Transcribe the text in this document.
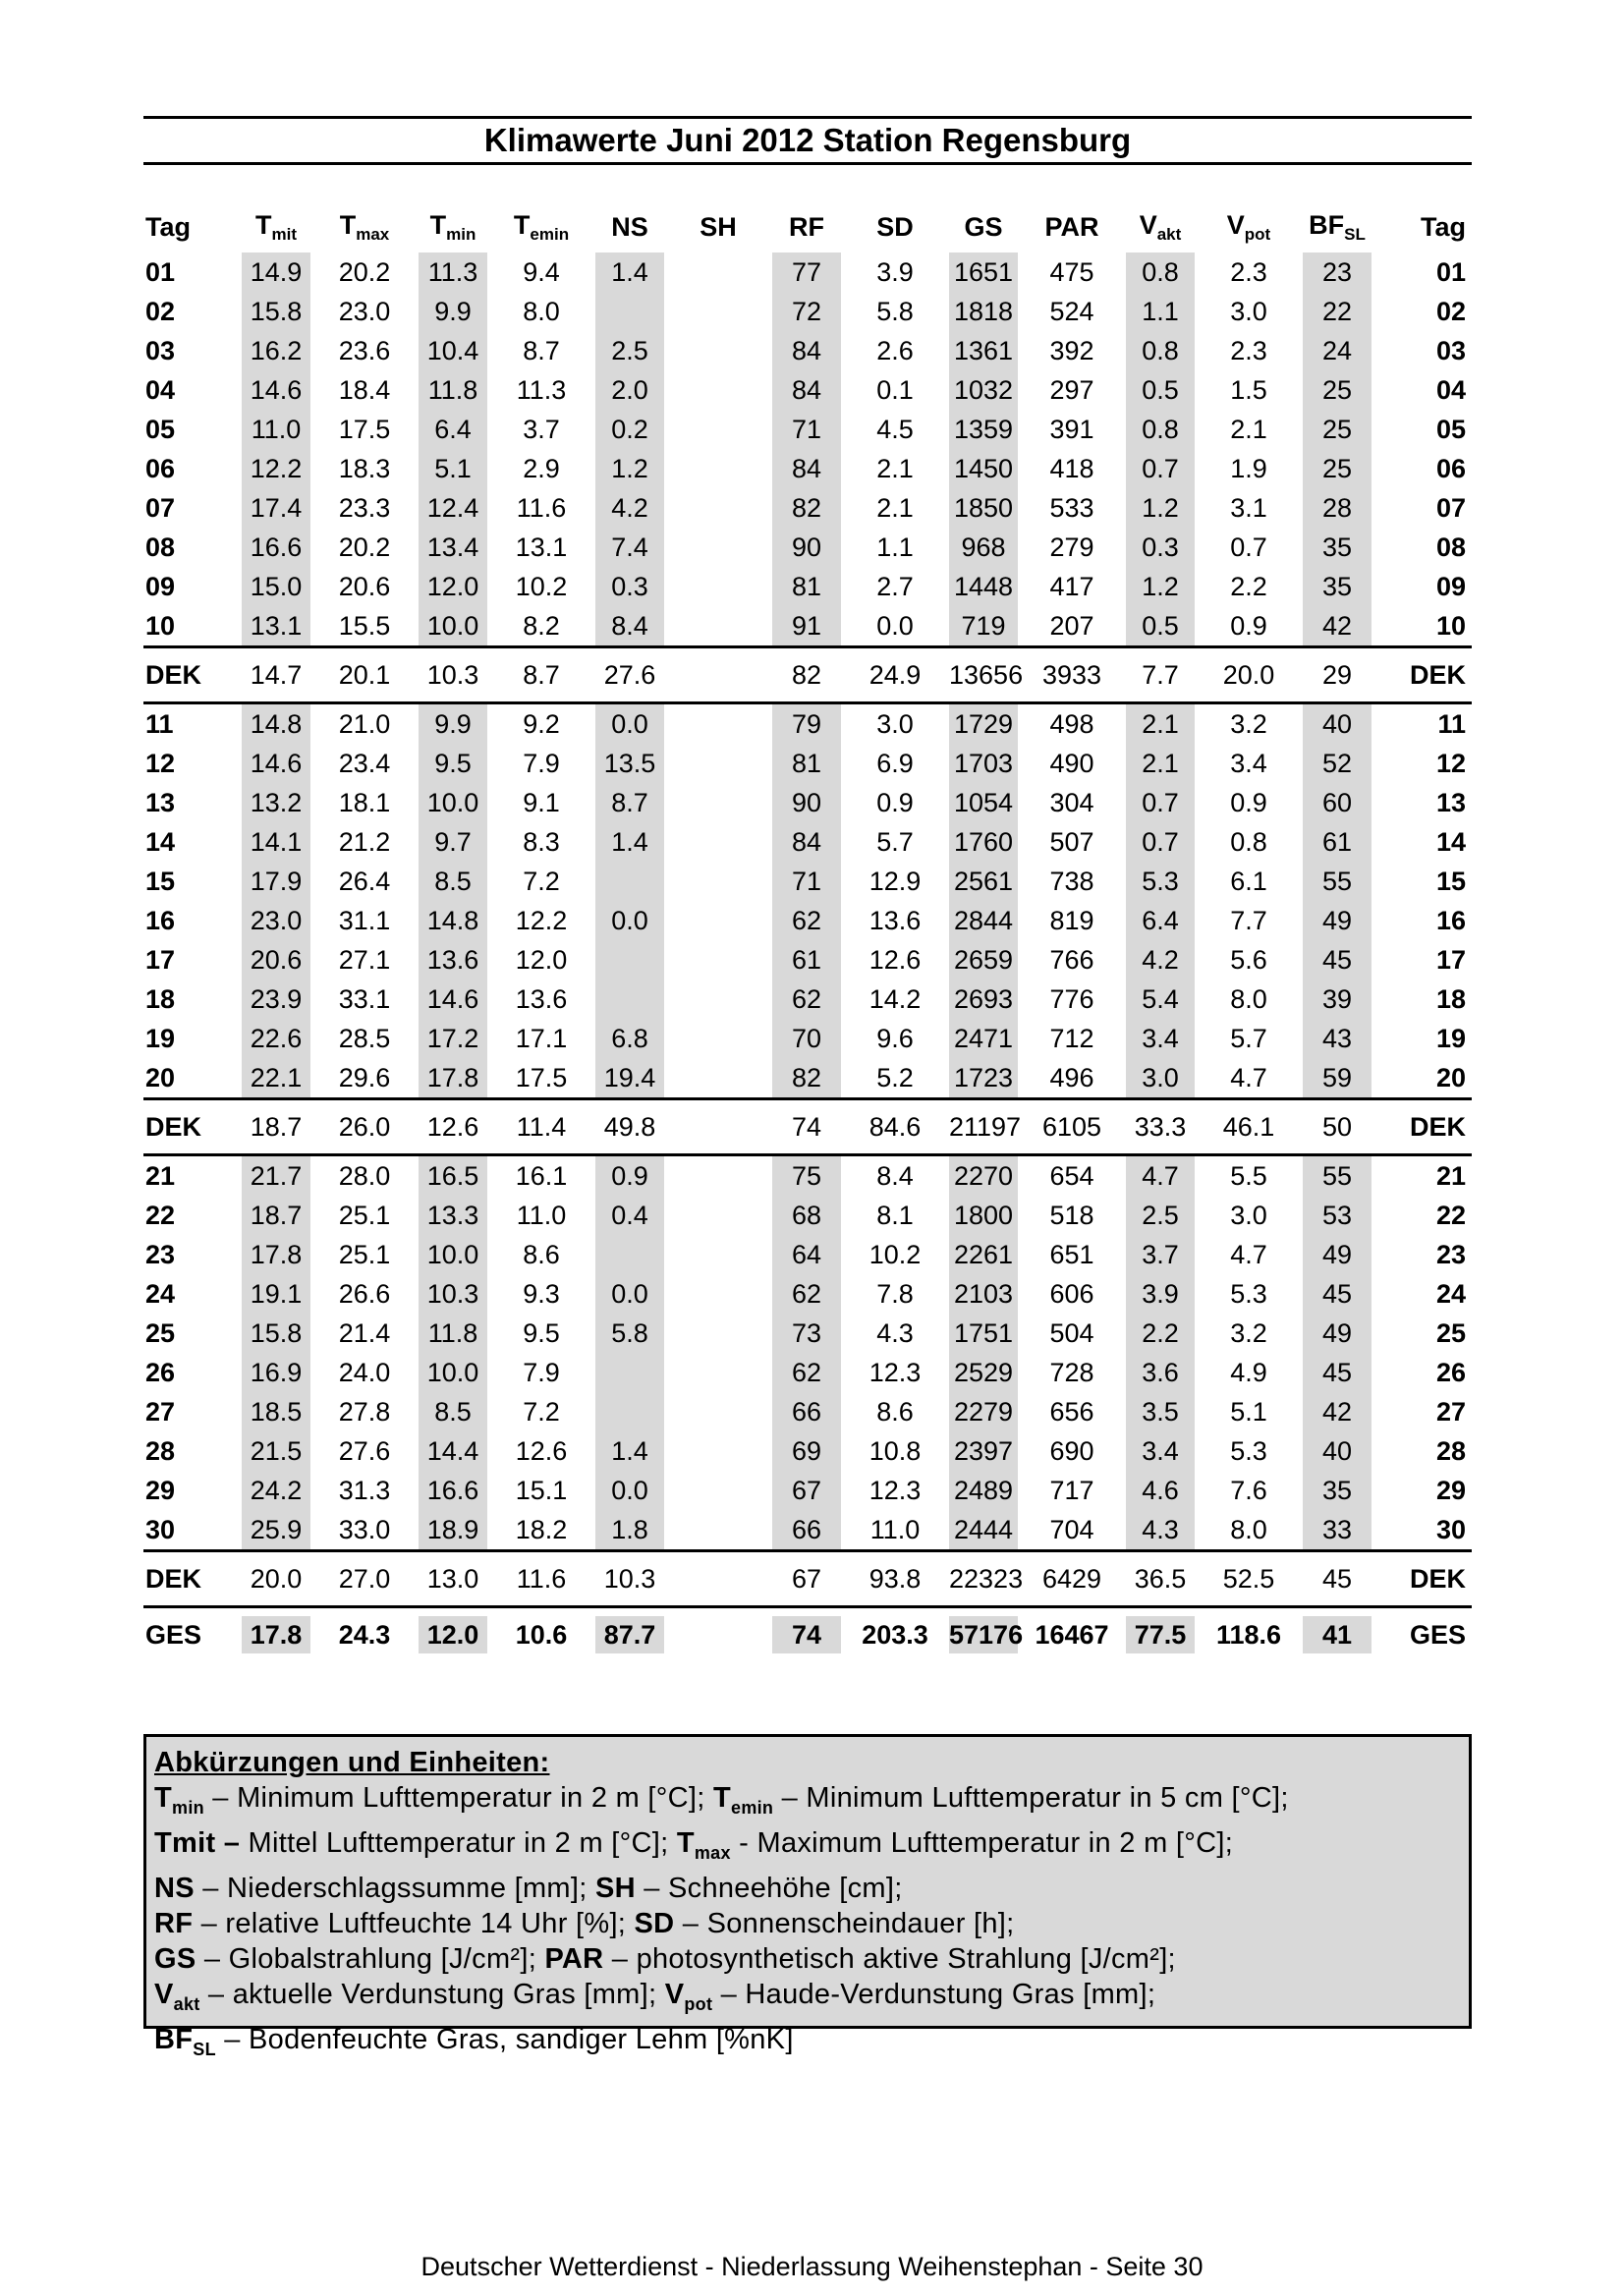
Klimawerte Juni 2012 Station Regensburg
Tag	$T_{mit}$	$T_{max}$	$T_{min}$	$T_{emin}$	NS	SH	RF	SD	GS	PAR	$V_{akt}$	$V_{pot}$	$BF_{SL}$	Tag
01	14.9	20.2	11.3	9.4	1.4		77	3.9	1651	475	0.8	2.3	23	01
02	15.8	23.0	9.9	8.0			72	5.8	1818	524	1.1	3.0	22	02
03	16.2	23.6	10.4	8.7	2.5		84	2.6	1361	392	0.8	2.3	24	03
04	14.6	18.4	11.8	11.3	2.0		84	0.1	1032	297	0.5	1.5	25	04
05	11.0	17.5	6.4	3.7	0.2		71	4.5	1359	391	0.8	2.1	25	05
06	12.2	18.3	5.1	2.9	1.2		84	2.1	1450	418	0.7	1.9	25	06
07	17.4	23.3	12.4	11.6	4.2		82	2.1	1850	533	1.2	3.1	28	07
08	16.6	20.2	13.4	13.1	7.4		90	1.1	968	279	0.3	0.7	35	08
09	15.0	20.6	12.0	10.2	0.3		81	2.7	1448	417	1.2	2.2	35	09
10	13.1	15.5	10.0	8.2	8.4		91	0.0	719	207	0.5	0.9	42	10
DEK	14.7	20.1	10.3	8.7	27.6		82	24.9	13656	3933	7.7	20.0	29	DEK
11	14.8	21.0	9.9	9.2	0.0		79	3.0	1729	498	2.1	3.2	40	11
12	14.6	23.4	9.5	7.9	13.5		81	6.9	1703	490	2.1	3.4	52	12
13	13.2	18.1	10.0	9.1	8.7		90	0.9	1054	304	0.7	0.9	60	13
14	14.1	21.2	9.7	8.3	1.4		84	5.7	1760	507	0.7	0.8	61	14
15	17.9	26.4	8.5	7.2			71	12.9	2561	738	5.3	6.1	55	15
16	23.0	31.1	14.8	12.2	0.0		62	13.6	2844	819	6.4	7.7	49	16
17	20.6	27.1	13.6	12.0			61	12.6	2659	766	4.2	5.6	45	17
18	23.9	33.1	14.6	13.6			62	14.2	2693	776	5.4	8.0	39	18
19	22.6	28.5	17.2	17.1	6.8		70	9.6	2471	712	3.4	5.7	43	19
20	22.1	29.6	17.8	17.5	19.4		82	5.2	1723	496	3.0	4.7	59	20
DEK	18.7	26.0	12.6	11.4	49.8		74	84.6	21197	6105	33.3	46.1	50	DEK
21	21.7	28.0	16.5	16.1	0.9		75	8.4	2270	654	4.7	5.5	55	21
22	18.7	25.1	13.3	11.0	0.4		68	8.1	1800	518	2.5	3.0	53	22
23	17.8	25.1	10.0	8.6			64	10.2	2261	651	3.7	4.7	49	23
24	19.1	26.6	10.3	9.3	0.0		62	7.8	2103	606	3.9	5.3	45	24
25	15.8	21.4	11.8	9.5	5.8		73	4.3	1751	504	2.2	3.2	49	25
26	16.9	24.0	10.0	7.9			62	12.3	2529	728	3.6	4.9	45	26
27	18.5	27.8	8.5	7.2			66	8.6	2279	656	3.5	5.1	42	27
28	21.5	27.6	14.4	12.6	1.4		69	10.8	2397	690	3.4	5.3	40	28
29	24.2	31.3	16.6	15.1	0.0		67	12.3	2489	717	4.6	7.6	35	29
30	25.9	33.0	18.9	18.2	1.8		66	11.0	2444	704	4.3	8.0	33	30
DEK	20.0	27.0	13.0	11.6	10.3		67	93.8	22323	6429	36.5	52.5	45	DEK
GES	17.8	24.3	12.0	10.6	87.7		74	203.3	57176	16467	77.5	118.6	41	GES
Abkürzungen und Einheiten:
$T_{min}$ – Minimum Lufttemperatur in 2 m [°C]; $T_{emin}$ – Minimum Lufttemperatur in 5 cm [°C];
Tmit – Mittel Lufttemperatur in 2 m [°C]; $T_{max}$ - Maximum Lufttemperatur in 2 m [°C];
NS – Niederschlagssumme [mm]; SH – Schneehöhe [cm];
RF – relative Luftfeuchte 14 Uhr [%]; SD – Sonnenscheindauer [h];
GS – Globalstrahlung [J/cm²]; PAR – photosynthetisch aktive Strahlung [J/cm²];
$V_{akt}$ – aktuelle Verdunstung Gras [mm]; $V_{pot}$ – Haude-Verdunstung Gras [mm];
$BF_{SL}$ – Bodenfeuchte Gras, sandiger Lehm [%nK]
Deutscher Wetterdienst - Niederlassung Weihenstephan - Seite 30
